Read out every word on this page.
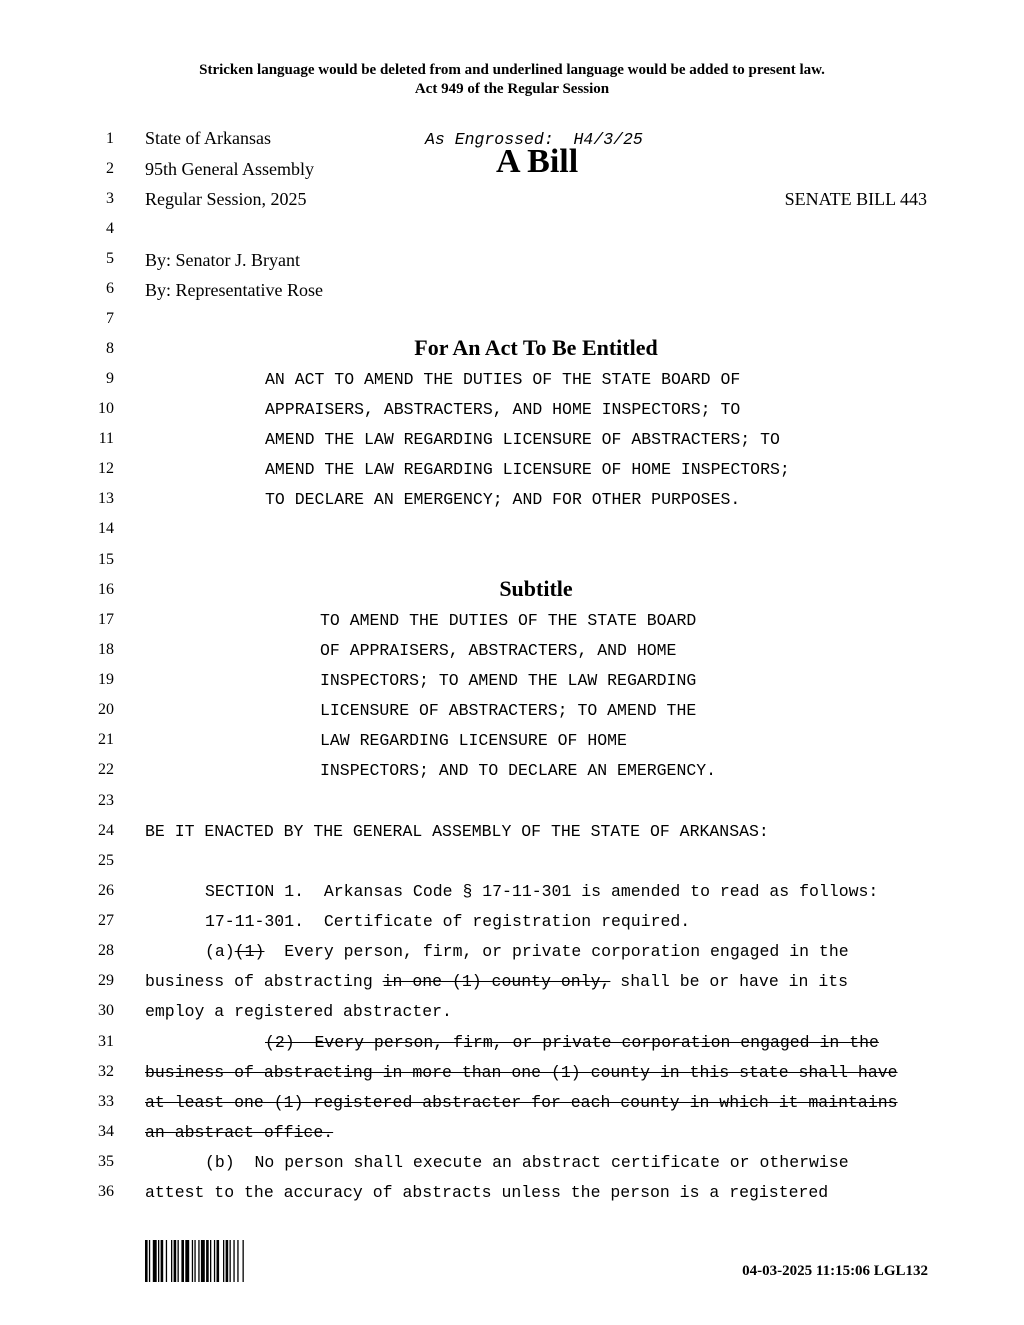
Stricken language would be deleted from and underlined language would be added to present law.
Act 949 of the Regular Session
1
2
3
4
5
6
7
8
9
10
11
12
13
14
15
16
17
18
19
20
21
22
23
24
25
26
27
28
29
30
31
32
33
34
35
36
State of Arkansas	As Engrossed:  H4/3/25
95th General Assembly	A Bill
Regular Session, 2025	SENATE BILL 443
By: Senator J. Bryant
By: Representative Rose
For An Act To Be Entitled
AN ACT TO AMEND THE DUTIES OF THE STATE BOARD OF
APPRAISERS, ABSTRACTERS, AND HOME INSPECTORS; TO
AMEND THE LAW REGARDING LICENSURE OF ABSTRACTERS; TO
AMEND THE LAW REGARDING LICENSURE OF HOME INSPECTORS;
TO DECLARE AN EMERGENCY; AND FOR OTHER PURPOSES.
Subtitle
TO AMEND THE DUTIES OF THE STATE BOARD
OF APPRAISERS, ABSTRACTERS, AND HOME
INSPECTORS; TO AMEND THE LAW REGARDING
LICENSURE OF ABSTRACTERS; TO AMEND THE
LAW REGARDING LICENSURE OF HOME
INSPECTORS; AND TO DECLARE AN EMERGENCY.
BE IT ENACTED BY THE GENERAL ASSEMBLY OF THE STATE OF ARKANSAS:
SECTION 1.  Arkansas Code § 17-11-301 is amended to read as follows:
17-11-301.  Certificate of registration required.
(a)(1)  Every person, firm, or private corporation engaged in the
business of abstracting in one (1) county only, shall be or have in its
employ a registered abstracter.
(2)  Every person, firm, or private corporation engaged in the
business of abstracting in more than one (1) county in this state shall have
at least one (1) registered abstracter for each county in which it maintains
an abstract office.
(b)  No person shall execute an abstract certificate or otherwise
attest to the accuracy of abstracts unless the person is a registered
04-03-2025 11:15:06 LGL132
